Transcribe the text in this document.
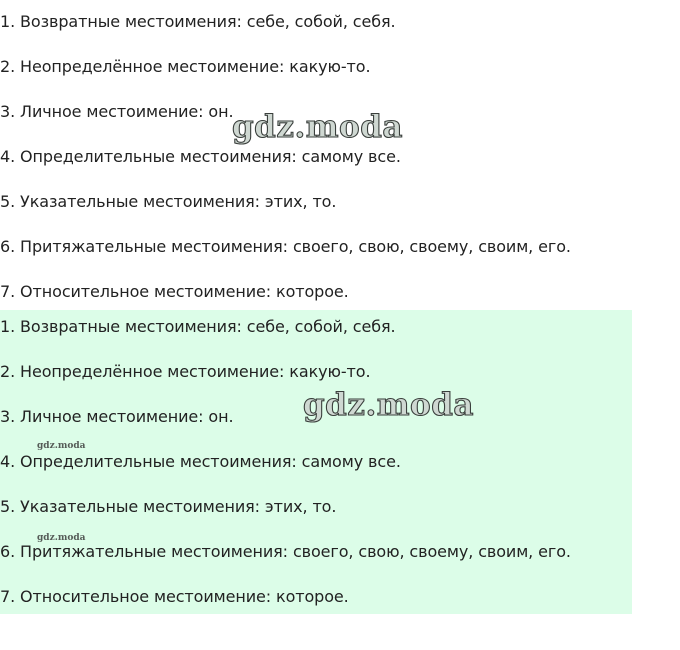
1. Возвратные местоимения: себе, собой, себя.
2. Неопределённое местоимение: какую-то.
3. Личное местоимение: он.
4. Определительные местоимения: самому все.
5. Указательные местоимения: этих, то.
6. Притяжательные местоимения: своего, свою, своему, своим, его.
7. Относительное местоимение: которое.
gdz.moda
1. Возвратные местоимения: себе, собой, себя.
2. Неопределённое местоимение: какую-то.
3. Личное местоимение: он.
4. Определительные местоимения: самому все.
5. Указательные местоимения: этих, то.
6. Притяжательные местоимения: своего, свою, своему, своим, его.
7. Относительное местоимение: которое.
gdz.moda
gdz.moda
gdz.moda
